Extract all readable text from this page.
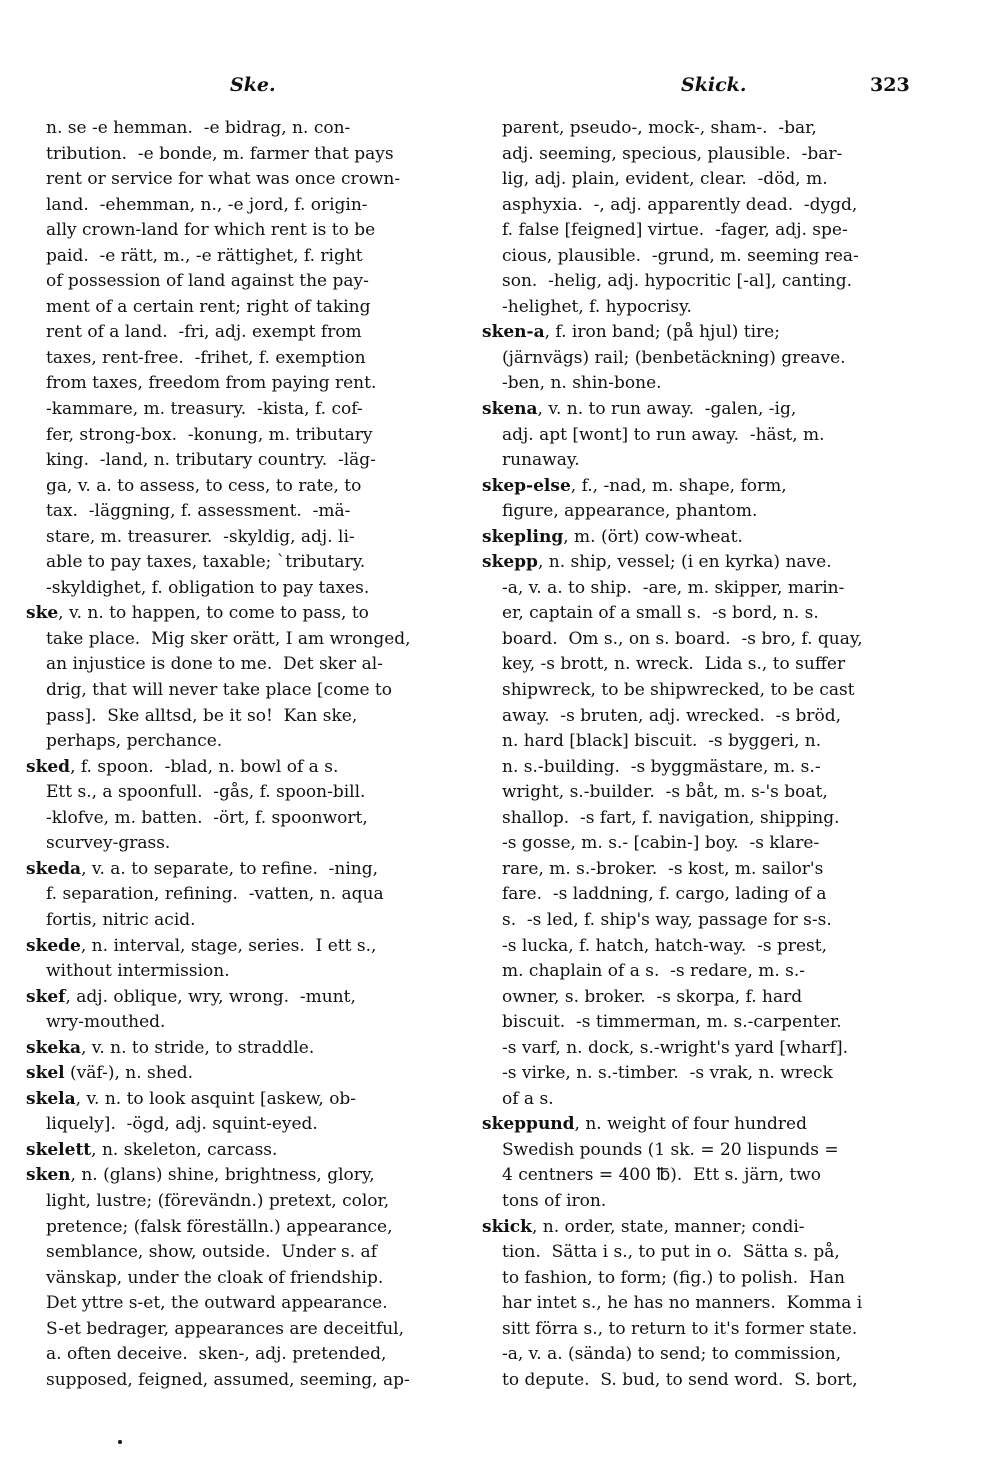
Ske.	Skick.	323
n. se -e hemman.  -e bidrag, n. con-
tribution.  -e bonde, m. farmer that pays
rent or service for what was once crown-
land.  -ehemman, n., -e jord, f. origin-
ally crown-land for which rent is to be
paid.  -e rätt, m., -e rättighet, f. right
of possession of land against the pay-
ment of a certain rent; right of taking
rent of a land.  -fri, adj. exempt from
taxes, rent-free.  -frihet, f. exemption
from taxes, freedom from paying rent.
-kammare, m. treasury.  -kista, f. cof-
fer, strong-box.  -konung, m. tributary
king.  -land, n. tributary country.  -läg-
ga, v. a. to assess, to cess, to rate, to
tax.  -läggning, f. assessment.  -mä-
stare, m. treasurer.  -skyldig, adj. li-
able to pay taxes, taxable; `tributary.
-skyldighet, f. obligation to pay taxes.
ske, v. n. to happen, to come to pass, to
take place.  Mig sker orätt, I am wronged,
an injustice is done to me.  Det sker al-
drig, that will never take place [come to
pass].  Ske alltsd, be it so!  Kan ske,
perhaps, perchance.
sked, f. spoon.  -blad, n. bowl of a s.
Ett s., a spoonfull.  -gås, f. spoon-bill.
-klofve, m. batten.  -ört, f. spoonwort,
scurvey-grass.
skeda, v. a. to separate, to refine.  -ning,
f. separation, refining.  -vatten, n. aqua
fortis, nitric acid.
skede, n. interval, stage, series.  I ett s.,
without intermission.
skef, adj. oblique, wry, wrong.  -munt,
wry-mouthed.
skeka, v. n. to stride, to straddle.
skel (väf-), n. shed.
skela, v. n. to look asquint [askew, ob-
liquely].  -ögd, adj. squint-eyed.
skelett, n. skeleton, carcass.
sken, n. (glans) shine, brightness, glory,
light, lustre; (förevändn.) pretext, color,
pretence; (falsk föreställn.) appearance,
semblance, show, outside.  Under s. af
vänskap, under the cloak of friendship.
Det yttre s-et, the outward appearance.
S-et bedrager, appearances are deceitful,
a. often deceive.  sken-, adj. pretended,
supposed, feigned, assumed, seeming, ap-
parent, pseudo-, mock-, sham-.  -bar,
adj. seeming, specious, plausible.  -bar-
lig, adj. plain, evident, clear.  -död, m.
asphyxia.  -, adj. apparently dead.  -dygd,
f. false [feigned] virtue.  -fager, adj. spe-
cious, plausible.  -grund, m. seeming rea-
son.  -helig, adj. hypocritic [-al], canting.
-helighet, f. hypocrisy.
sken-a, f. iron band; (på hjul) tire;
(järnvägs) rail; (benbetäckning) greave.
-ben, n. shin-bone.
skena, v. n. to run away.  -galen, -ig,
adj. apt [wont] to run away.  -häst, m.
runaway.
skep-else, f., -nad, m. shape, form,
figure, appearance, phantom.
skepling, m. (ört) cow-wheat.
skepp, n. ship, vessel; (i en kyrka) nave.
-a, v. a. to ship.  -are, m. skipper, marin-
er, captain of a small s.  -s bord, n. s.
board.  Om s., on s. board.  -s bro, f. quay,
key, -s brott, n. wreck.  Lida s., to suffer
shipwreck, to be shipwrecked, to be cast
away.  -s bruten, adj. wrecked.  -s bröd,
n. hard [black] biscuit.  -s byggeri, n.
n. s.-building.  -s byggmästare, m. s.-
wright, s.-builder.  -s båt, m. s-'s boat,
shallop.  -s fart, f. navigation, shipping.
-s gosse, m. s.- [cabin-] boy.  -s klare-
rare, m. s.-broker.  -s kost, m. sailor's
fare.  -s laddning, f. cargo, lading of a
s.  -s led, f. ship's way, passage for s-s.
-s lucka, f. hatch, hatch-way.  -s prest,
m. chaplain of a s.  -s redare, m. s.-
owner, s. broker.  -s skorpa, f. hard
biscuit.  -s timmerman, m. s.-carpenter.
-s varf, n. dock, s.-wright's yard [wharf].
-s virke, n. s.-timber.  -s vrak, n. wreck
of a s.
skeppund, n. weight of four hundred
Swedish pounds (1 sk. = 20 lispunds =
4 centners = 400 ℔).  Ett s. järn, two
tons of iron.
skick, n. order, state, manner; condi-
tion.  Sätta i s., to put in o.  Sätta s. på,
to fashion, to form; (fig.) to polish.  Han
har intet s., he has no manners.  Komma i
sitt förra s., to return to it's former state.
-a, v. a. (sända) to send; to commission,
to depute.  S. bud, to send word.  S. bort,
